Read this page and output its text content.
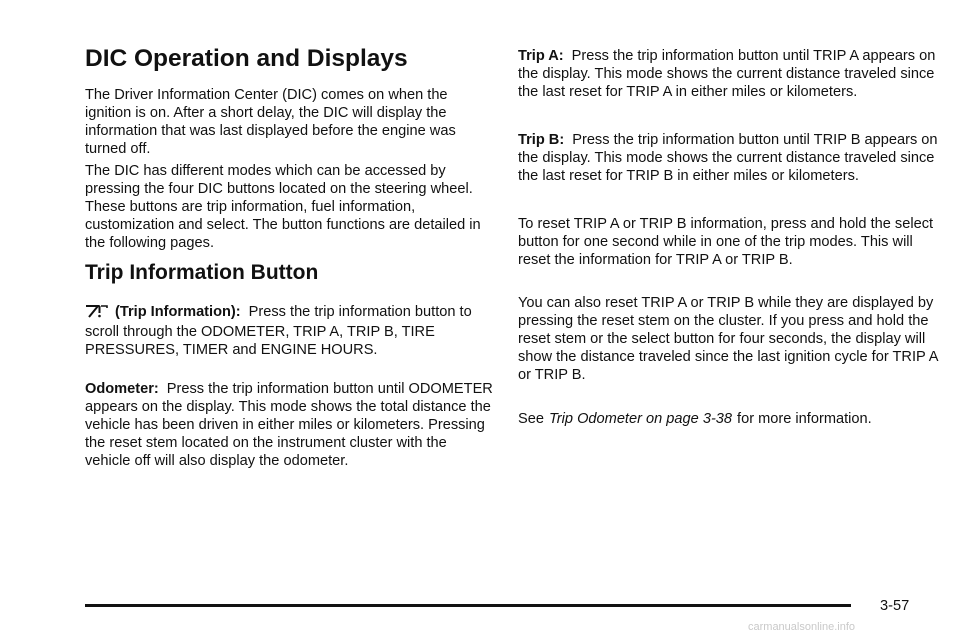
DIC Operation and Displays

The Driver Information Center (DIC) comes on when the ignition is on. After a short delay, the DIC will display the information that was last displayed before the engine was turned off.

The DIC has different modes which can be accessed by pressing the four DIC buttons located on the steering wheel. These buttons are trip information, fuel information, customization and select. The button functions are detailed in the following pages.

Trip Information Button

(Trip Information): Press the trip information button to scroll through the ODOMETER, TRIP A, TRIP B, TIRE PRESSURES, TIMER and ENGINE HOURS.

Odometer: Press the trip information button until ODOMETER appears on the display. This mode shows the total distance the vehicle has been driven in either miles or kilometers. Pressing the reset stem located on the instrument cluster with the vehicle off will also display the odometer.

Trip A: Press the trip information button until TRIP A appears on the display. This mode shows the current distance traveled since the last reset for TRIP A in either miles or kilometers.

Trip B: Press the trip information button until TRIP B appears on the display. This mode shows the current distance traveled since the last reset for TRIP B in either miles or kilometers.

To reset TRIP A or TRIP B information, press and hold the select button for one second while in one of the trip modes. This will reset the information for TRIP A or TRIP B.

You can also reset TRIP A or TRIP B while they are displayed by pressing the reset stem on the cluster. If you press and hold the reset stem or the select button for four seconds, the display will show the distance traveled since the last ignition cycle for TRIP A or TRIP B.

See Trip Odometer on page 3-38 for more information.

3-57
carmanualsonline.info
